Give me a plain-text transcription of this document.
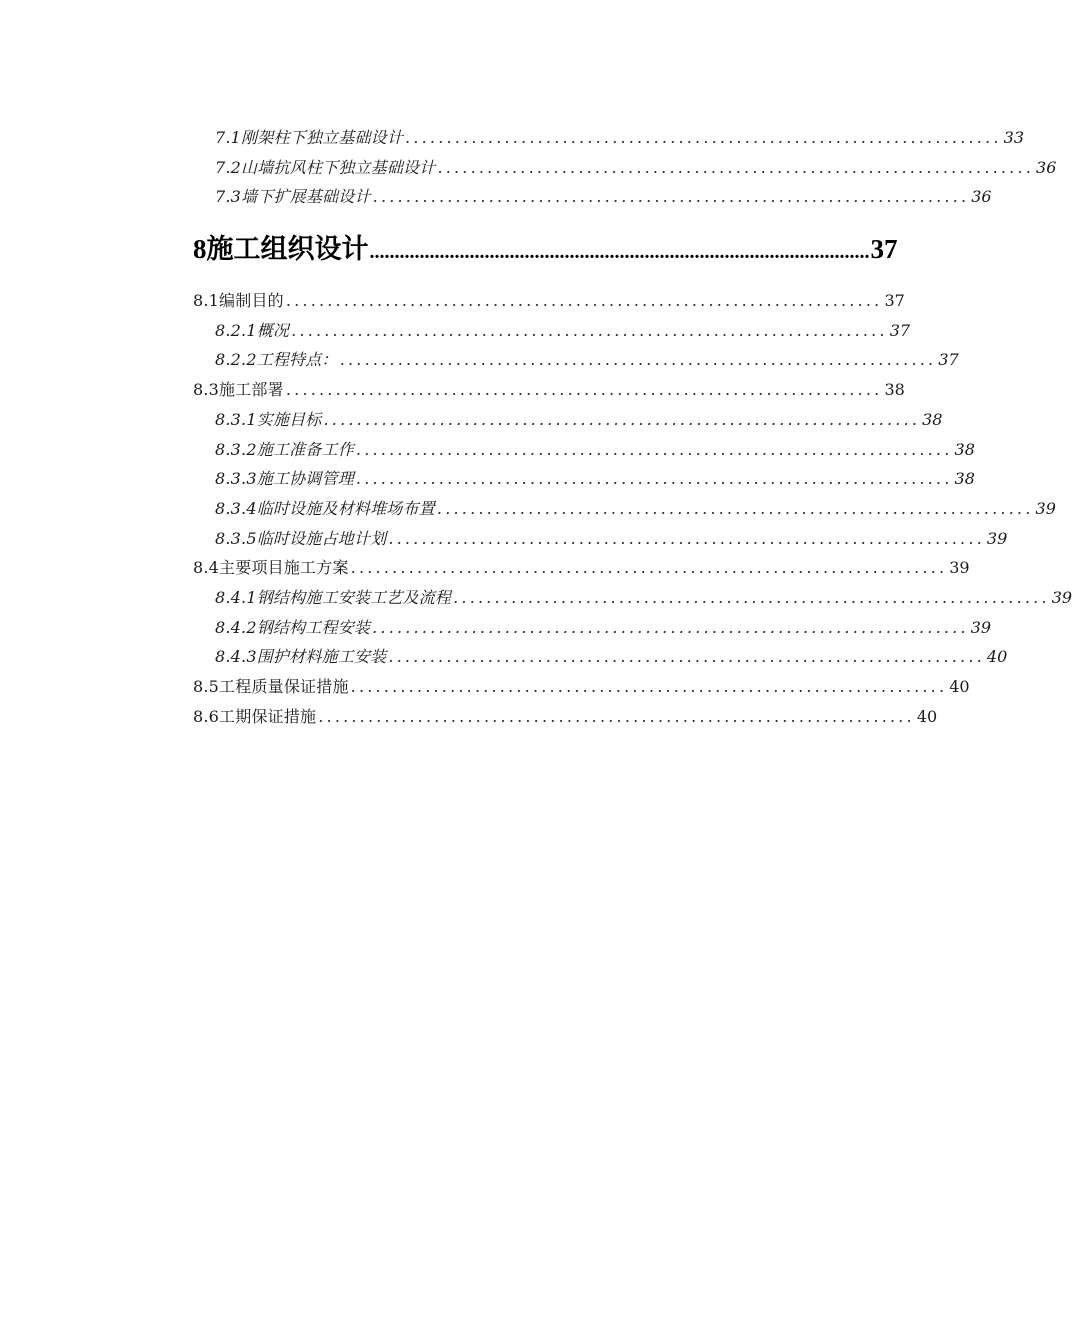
7.1刚架柱下独立基础设计 ........................................................................ 33
7.2山墙抗风柱下独立基础设计 ........................................................................ 36
7.3墙下扩展基础设计 ........................................................................ 36
8施工组织设计 .................................................................................................... 37
8.1编制目的 ........................................................................ 37
8.2.1概况 ........................................................................ 37
8.2.2工程特点： ........................................................................ 37
8.3施工部署 ........................................................................ 38
8.3.1实施目标 ........................................................................ 38
8.3.2施工准备工作 ........................................................................ 38
8.3.3施工协调管理 ........................................................................ 38
8.3.4临时设施及材料堆场布置 ........................................................................ 39
8.3.5临时设施占地计划 ........................................................................ 39
8.4主要项目施工方案 ........................................................................ 39
8.4.1钢结构施工安装工艺及流程 ........................................................................ 39
8.4.2钢结构工程安装 ........................................................................ 39
8.4.3围护材料施工安装 ........................................................................ 40
8.5工程质量保证措施 ........................................................................ 40
8.6工期保证措施 ........................................................................ 40
